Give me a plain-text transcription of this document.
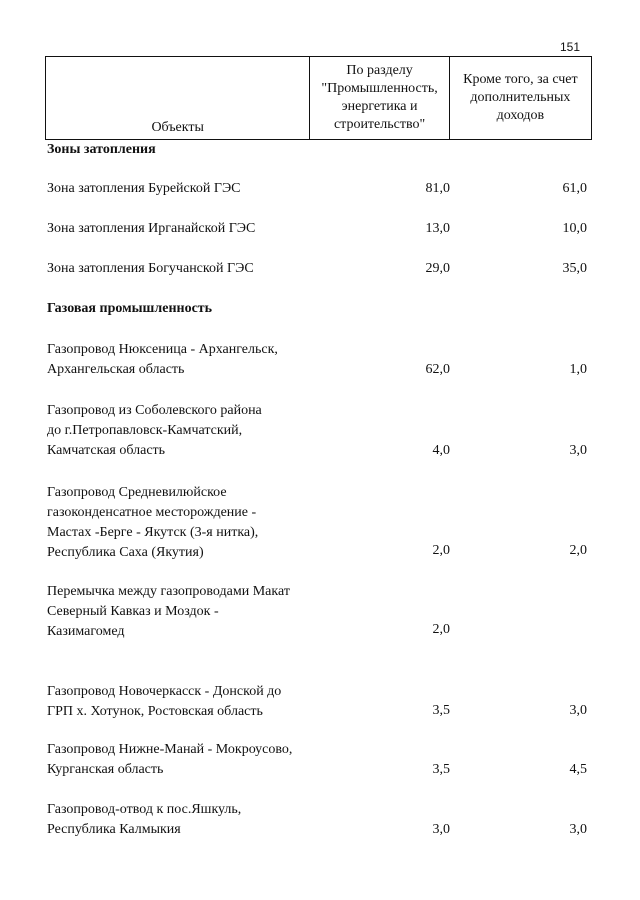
151
Объекты	
По разделу
"Промышленность,
энергетика и
строительство"

Кроме того, за счет
дополнительных
доходов
Зоны затопления
Зона затопления Бурейской ГЭС	81,0	61,0
Зона затопления Ирганайской ГЭС	13,0	10,0
Зона затопления Богучанской ГЭС	29,0	35,0
Газовая промышленность
Газопровод Нюксеница - Архангельск,
Архангельская область	62,0	1,0
Газопровод из Соболевского района
до г.Петропавловск-Камчатский,
Камчатская область	4,0	3,0
Газопровод Средневилюйское
газоконденсатное месторождение -
Мастах -Берге - Якутск (3-я нитка),
Республика Саха (Якутия)	2,0	2,0
Перемычка между газопроводами Макат
Северный Кавказ и Моздок -
Казимагомед	2,0
Газопровод Новочеркасск - Донской до
ГРП х. Хотунок, Ростовская область	3,5	3,0
Газопровод Нижне-Манай - Мокроусово,
Курганская область	3,5	4,5
Газопровод-отвод к пос.Яшкуль,
Республика Калмыкия	3,0	3,0
